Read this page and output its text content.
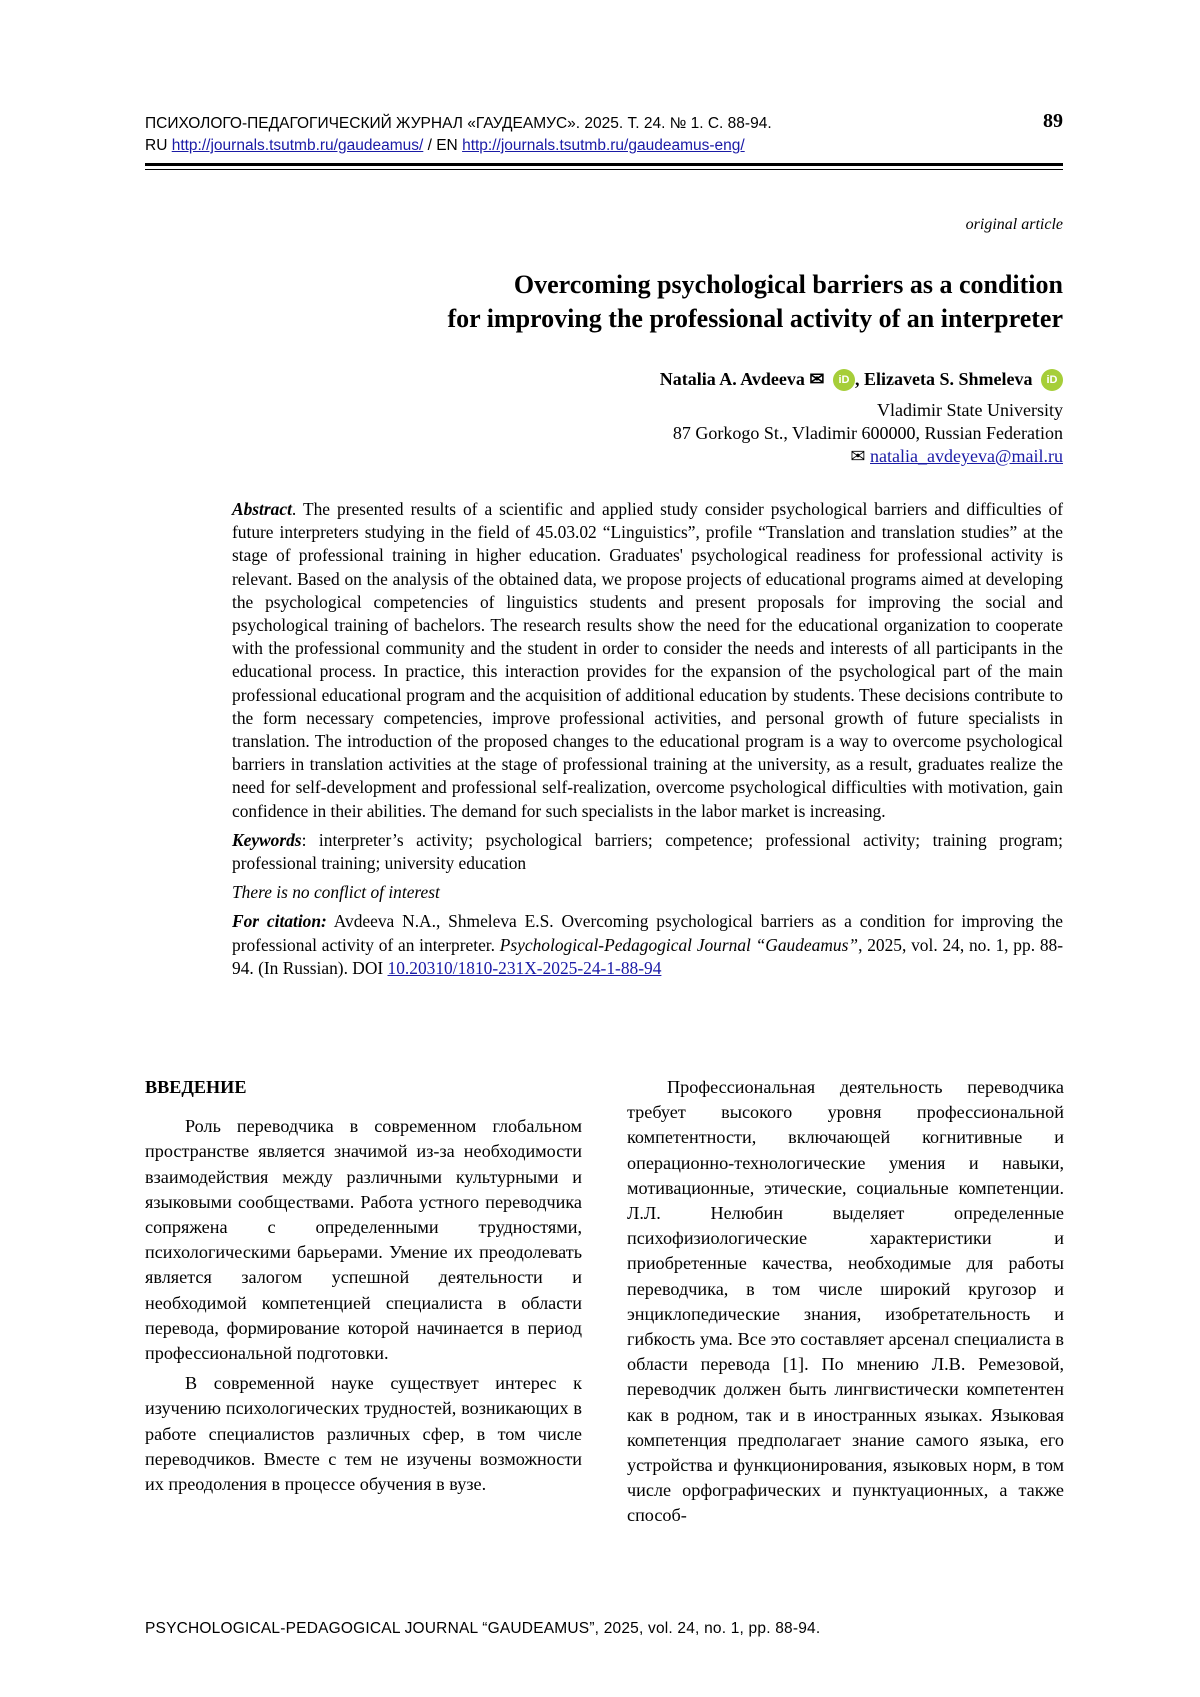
ПСИХОЛОГО-ПЕДАГОГИЧЕСКИЙ ЖУРНАЛ «ГАУДЕАМУС». 2025. Т. 24. № 1. С. 88-94.
RU http://journals.tsutmb.ru/gaudeamus/ / EN http://journals.tsutmb.ru/gaudeamus-eng/
89
original article
Overcoming psychological barriers as a condition
for improving the professional activity of an interpreter
Natalia A. Avdeeva ✉ iD , Elizaveta S. Shmeleva iD
Vladimir State University
87 Gorkogo St., Vladimir 600000, Russian Federation
✉ natalia_avdeyeva@mail.ru

Abstract. The presented results of a scientific and applied study consider psychological barriers and difficulties of future interpreters studying in the field of 45.03.02 “Linguistics”, profile “Translation and translation studies” at the stage of professional training in higher education. Graduates' psychological readiness for professional activity is relevant. Based on the analysis of the obtained data, we propose projects of educational programs aimed at developing the psychological competencies of linguistics students and present proposals for improving the social and psychological training of bachelors. The research results show the need for the educational organization to cooperate with the professional community and the student in order to consider the needs and interests of all participants in the educational process. In practice, this interaction provides for the expansion of the psychological part of the main professional educational program and the acquisition of additional education by students. These decisions contribute to the form necessary competencies, improve professional activities, and personal growth of future specialists in translation. The introduction of the proposed changes to the educational program is a way to overcome psychological barriers in translation activities at the stage of professional training at the university, as a result, graduates realize the need for self-development and professional self-realization, overcome psychological difficulties with motivation, gain confidence in their abilities. The demand for such specialists in the labor market is increasing.

Keywords: interpreter’s activity; psychological barriers; competence; professional activity; training program; professional training; university education

There is no conflict of interest

For citation: Avdeeva N.A., Shmeleva E.S. Overcoming psychological barriers as a condition for improving the professional activity of an interpreter. Psychological-Pedagogical Journal “Gaudeamus”, 2025, vol. 24, no. 1, pp. 88-94. (In Russian). DOI 10.20310/1810-231X-2025-24-1-88-94

ВВЕДЕНИЕ

Роль переводчика в современном глобальном пространстве является значимой из-за необходимости взаимодействия между различными культурными и языковыми сообществами. Работа устного переводчика сопряжена с определенными трудностями, психологическими барьерами. Умение их преодолевать является залогом успешной деятельности и необходимой компетенцией специалиста в области перевода, формирование которой начинается в период профессиональной подготовки.

В современной науке существует интерес к изучению психологических трудностей, возникающих в работе специалистов различных сфер, в том числе переводчиков. Вместе с тем не изучены возможности их преодоления в процессе обучения в вузе.

Профессиональная деятельность переводчика требует высокого уровня профессиональной компетентности, включающей когнитивные и операционно-технологические умения и навыки, мотивационные, этические, социальные компетенции. Л.Л. Нелюбин выделяет определенные психофизиологические характеристики и приобретенные качества, необходимые для работы переводчика, в том числе широкий кругозор и энциклопедические знания, изобретательность и гибкость ума. Все это составляет арсенал специалиста в области перевода [1]. По мнению Л.В. Ремезовой, переводчик должен быть лингвистически компетентен как в родном, так и в иностранных языках. Языковая компетенция предполагает знание самого языка, его устройства и функционирования, языковых норм, в том числе орфографических и пунктуационных, а также способ-

PSYCHOLOGICAL-PEDAGOGICAL JOURNAL “GAUDEAMUS”, 2025, vol. 24, no. 1, pp. 88-94.
